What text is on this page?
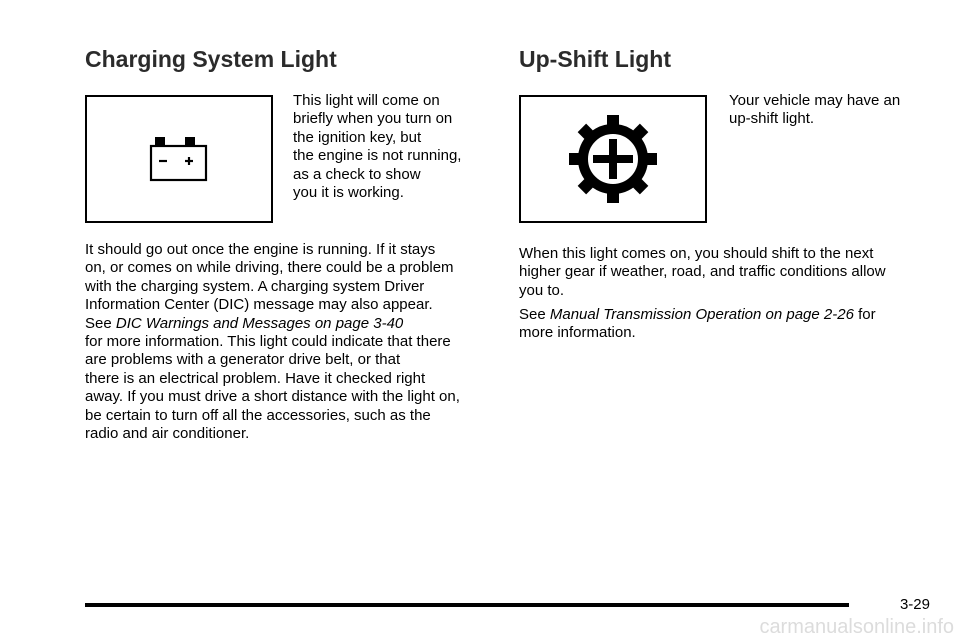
Charging System Light

This light will come on
briefly when you turn on
the ignition key, but
the engine is not running,
as a check to show
you it is working.

It should go out once the engine is running. If it stays
on, or comes on while driving, there could be a problem
with the charging system. A charging system Driver
Information Center (DIC) message may also appear.
See DIC Warnings and Messages on page 3-40
for more information. This light could indicate that there
are problems with a generator drive belt, or that
there is an electrical problem. Have it checked right
away. If you must drive a short distance with the light on,
be certain to turn off all the accessories, such as the
radio and air conditioner.

Up-Shift Light

Your vehicle may have an
up-shift light.

When this light comes on, you should shift to the next
higher gear if weather, road, and traffic conditions allow
you to.

See Manual Transmission Operation on page 2-26 for
more information.

3-29

carmanualsonline.info
